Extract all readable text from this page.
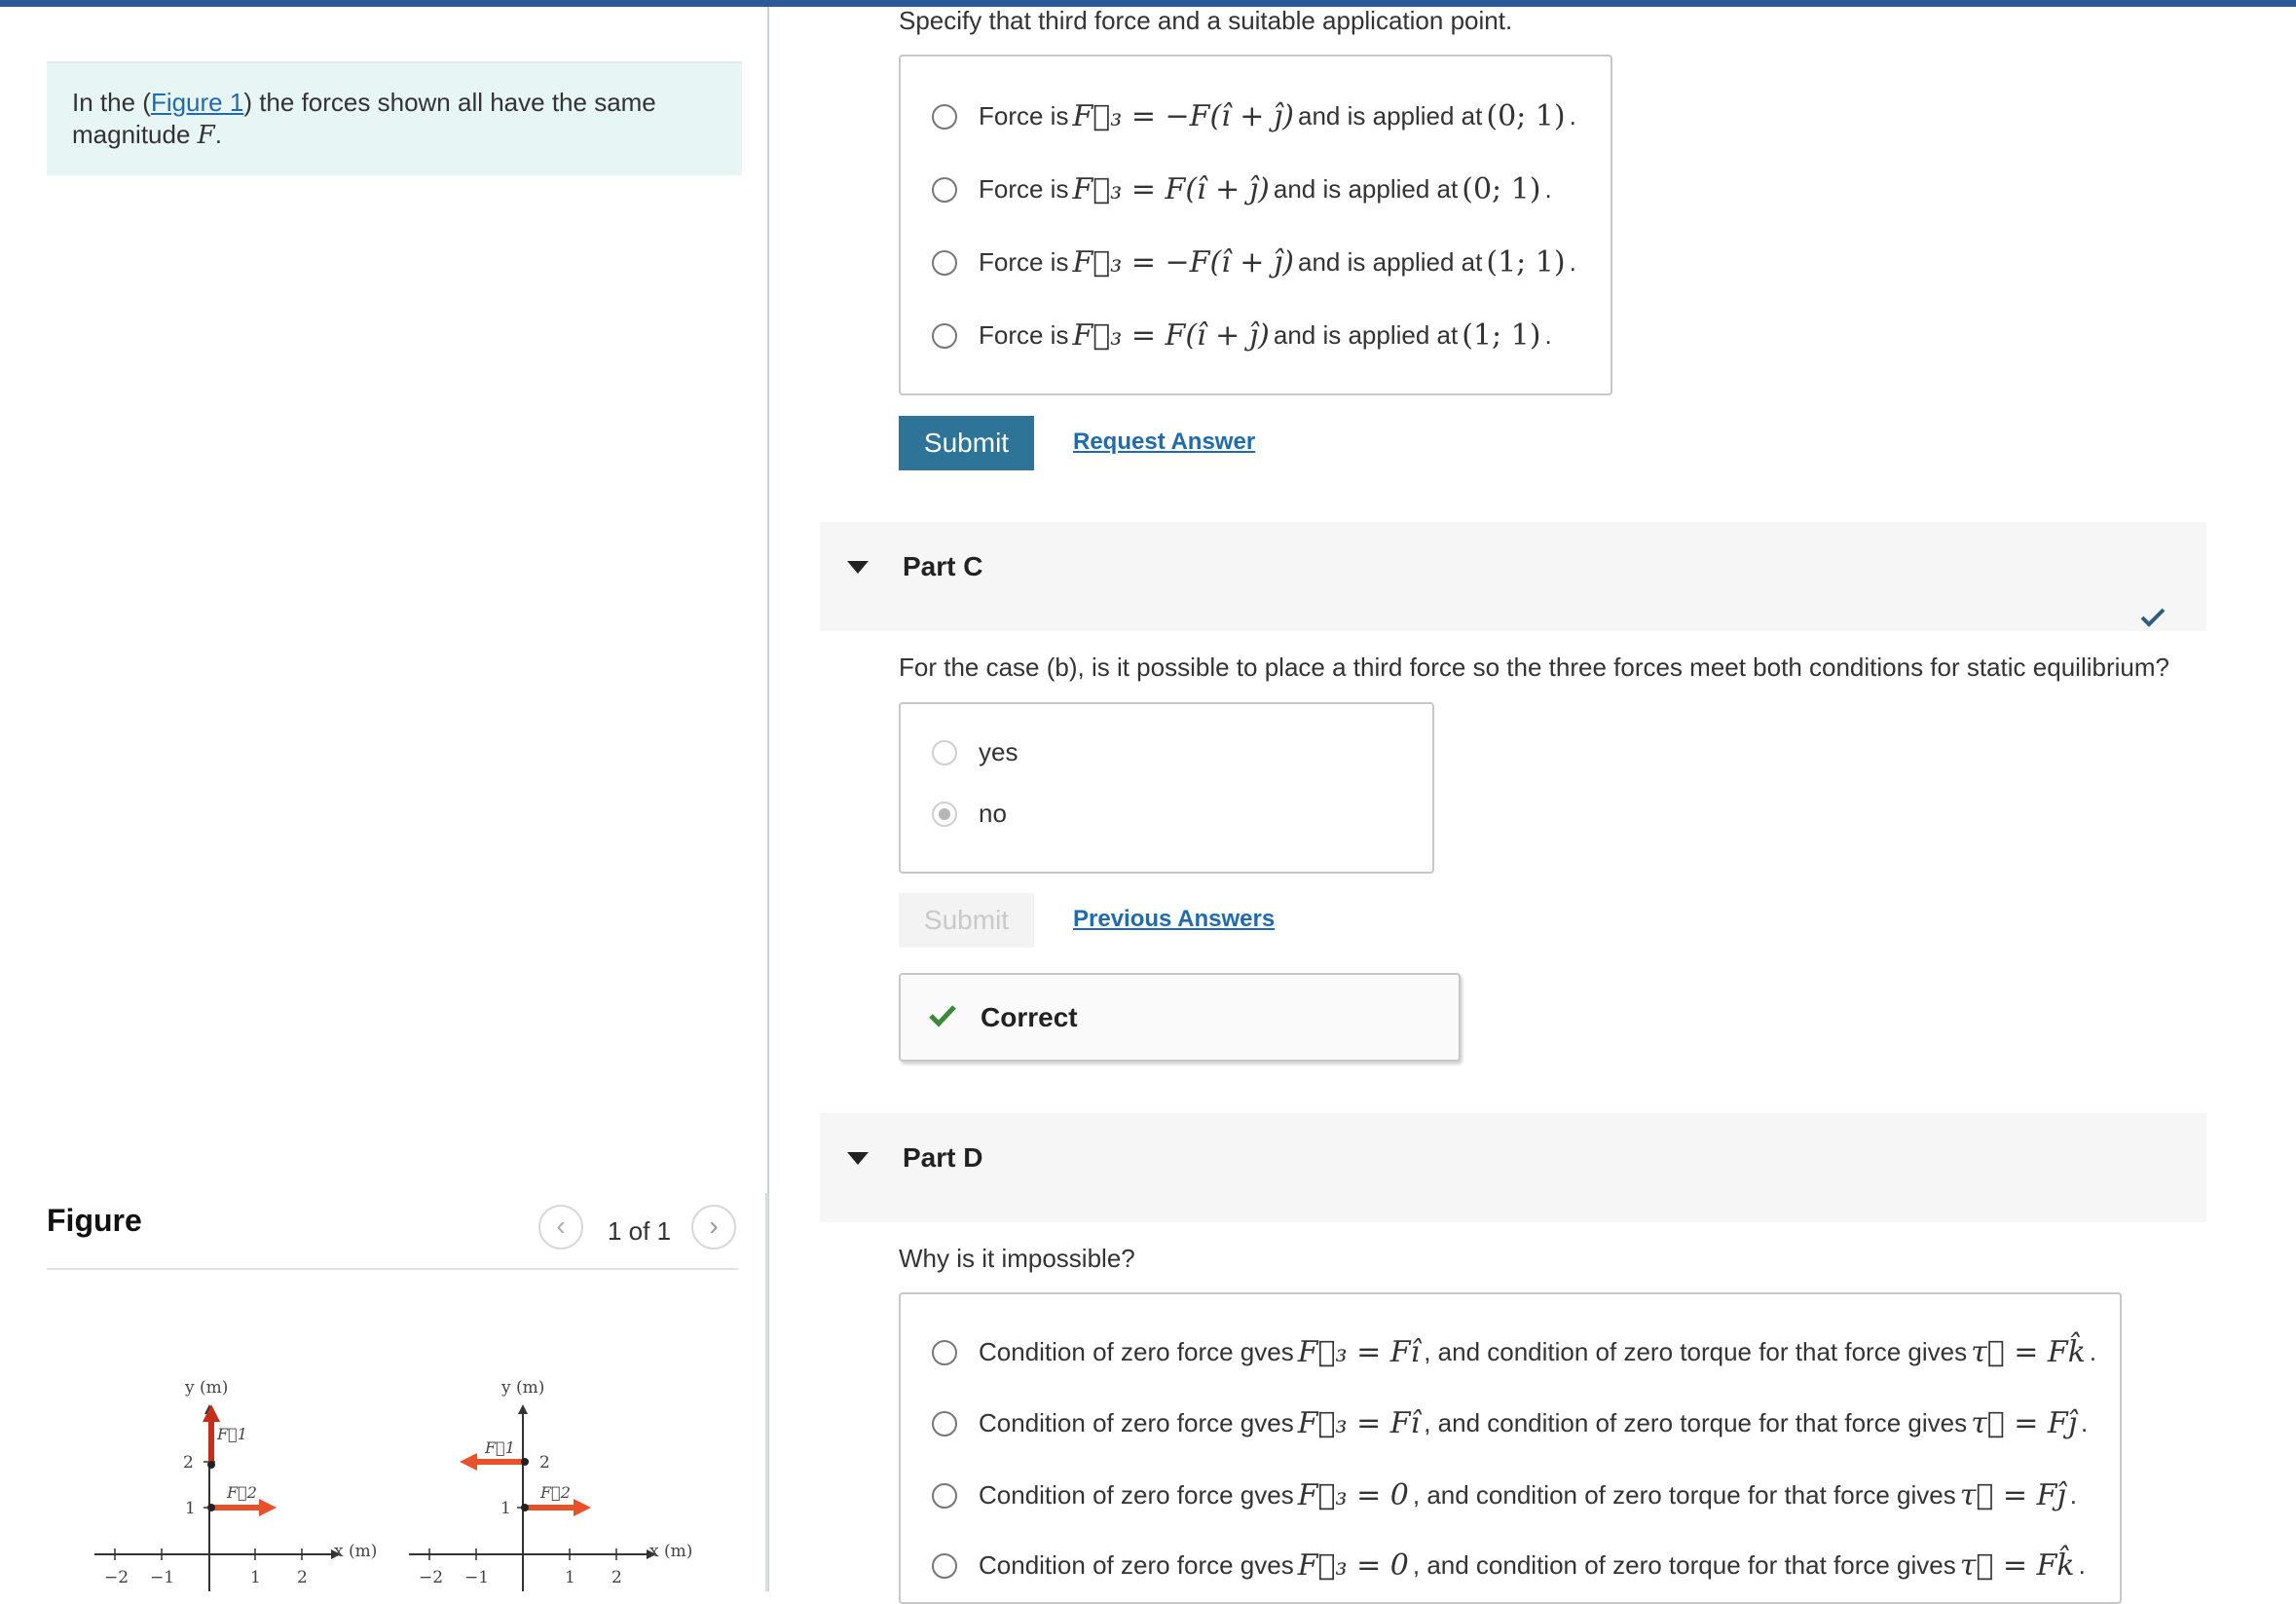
In the (Figure 1) the forces shown all have the same
magnitude F.
Figure	‹	1 of 1	›
y (m)
x (m)
2
1
−2 −1	1 2
F⃗1
F⃗2
y (m)
x (m)
2
1
−2 −1	1 2
F⃗1
F⃗2
Specify that third force and a suitable application point.
Force is F⃗₃ = −F(î + ĵ) and is applied at (0; 1) .
Force is F⃗₃ = F(î + ĵ) and is applied at (0; 1) .
Force is F⃗₃ = −F(î + ĵ) and is applied at (1; 1) .
Force is F⃗₃ = F(î + ĵ) and is applied at (1; 1) .
Submit	Request Answer
Part C
For the case (b), is it possible to place a third force so the three forces meet both conditions for static equilibrium?
yes
no
Submit	Previous Answers
Correct
Part D
Why is it impossible?
Condition of zero force gves F⃗₃ = Fî , and condition of zero torque for that force gives τ⃗ = Fk̂ .
Condition of zero force gves F⃗₃ = Fî , and condition of zero torque for that force gives τ⃗ = Fĵ .
Condition of zero force gves F⃗₃ = 0 , and condition of zero torque for that force gives τ⃗ = Fĵ .
Condition of zero force gves F⃗₃ = 0 , and condition of zero torque for that force gives τ⃗ = Fk̂ .
